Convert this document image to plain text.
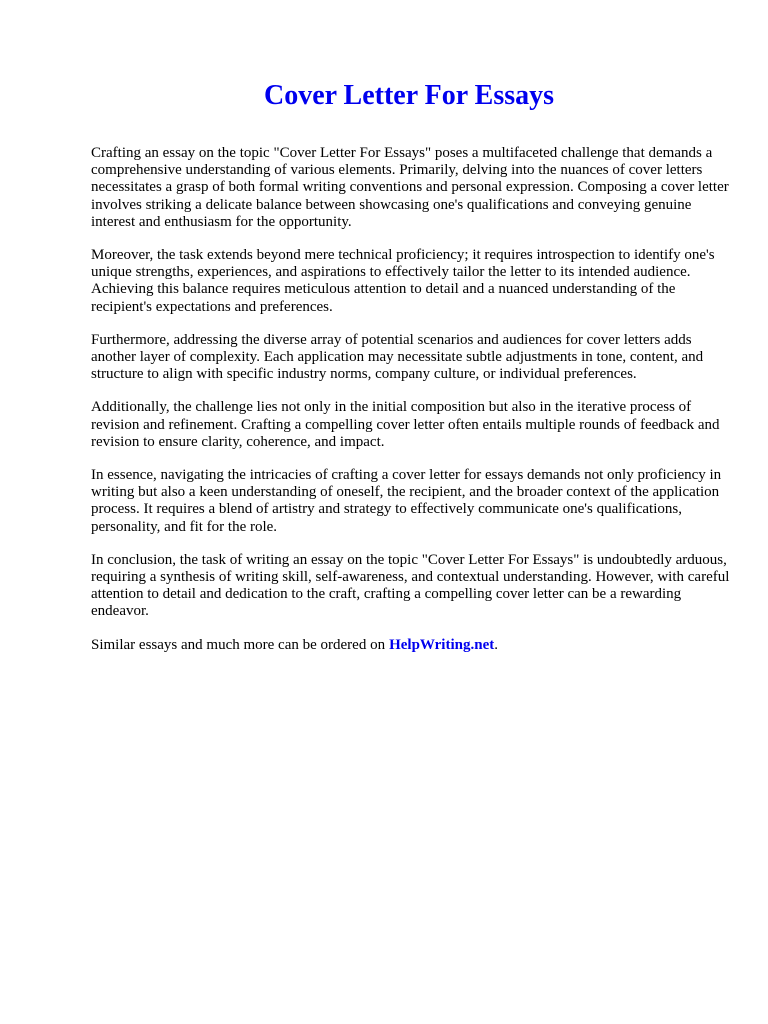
Cover Letter For Essays

Crafting an essay on the topic "Cover Letter For Essays" poses a multifaceted challenge that demands a comprehensive understanding of various elements. Primarily, delving into the nuances of cover letters necessitates a grasp of both formal writing conventions and personal expression. Composing a cover letter involves striking a delicate balance between showcasing one's qualifications and conveying genuine interest and enthusiasm for the opportunity.

Moreover, the task extends beyond mere technical proficiency; it requires introspection to identify one's unique strengths, experiences, and aspirations to effectively tailor the letter to its intended audience. Achieving this balance requires meticulous attention to detail and a nuanced understanding of the recipient's expectations and preferences.

Furthermore, addressing the diverse array of potential scenarios and audiences for cover letters adds another layer of complexity. Each application may necessitate subtle adjustments in tone, content, and structure to align with specific industry norms, company culture, or individual preferences.

Additionally, the challenge lies not only in the initial composition but also in the iterative process of revision and refinement. Crafting a compelling cover letter often entails multiple rounds of feedback and revision to ensure clarity, coherence, and impact.

In essence, navigating the intricacies of crafting a cover letter for essays demands not only proficiency in writing but also a keen understanding of oneself, the recipient, and the broader context of the application process. It requires a blend of artistry and strategy to effectively communicate one's qualifications, personality, and fit for the role.

In conclusion, the task of writing an essay on the topic "Cover Letter For Essays" is undoubtedly arduous, requiring a synthesis of writing skill, self-awareness, and contextual understanding. However, with careful attention to detail and dedication to the craft, crafting a compelling cover letter can be a rewarding endeavor.

Similar essays and much more can be ordered on HelpWriting.net.
